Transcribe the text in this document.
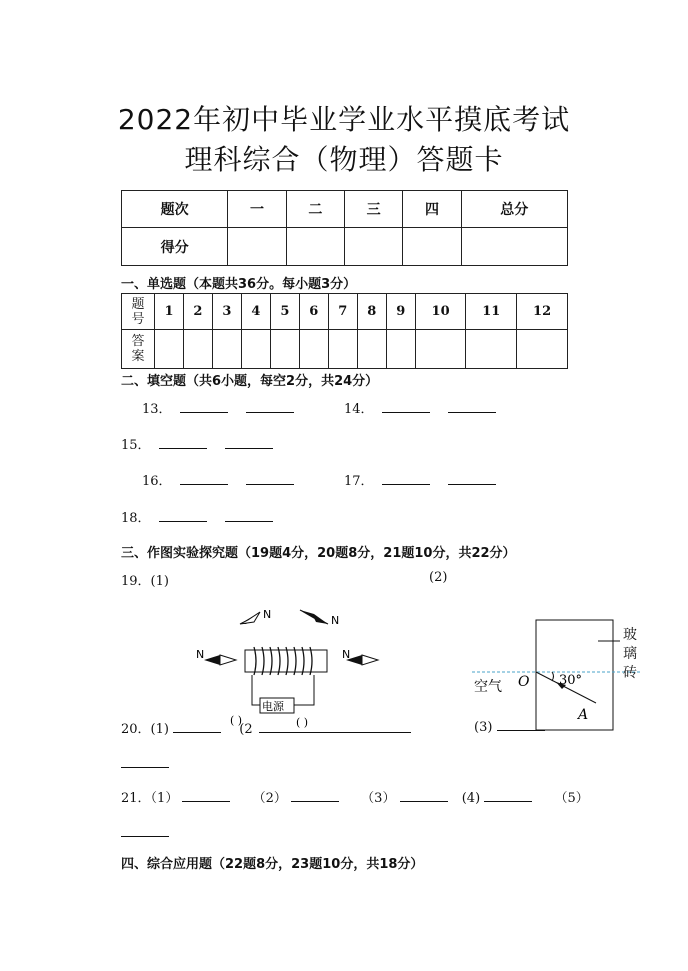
2022年初中毕业学业水平摸底考试
理科综合（物理）答题卡
题次	一	二	三	四	总分
得分					
一、单选题（本题共36分。每小题3分）
题号	1	2	3	4	5	6	7	8	9	10	11	12
答案												
二、填空题（共6小题，每空2分，共24分）
13．	14．
15．
16．	17．
18．
三、作图实验探究题（19题4分，20题8分，21题10分，共22分）
19．(1)	(2)
N	N
N	N
电源
( )	( )
空气 O 30°
A
玻璃砖
20．(1)	(2	(3)
21．（1）	（2）	（3）	(4)	（5）
四、综合应用题（22题8分，23题10分，共18分）
